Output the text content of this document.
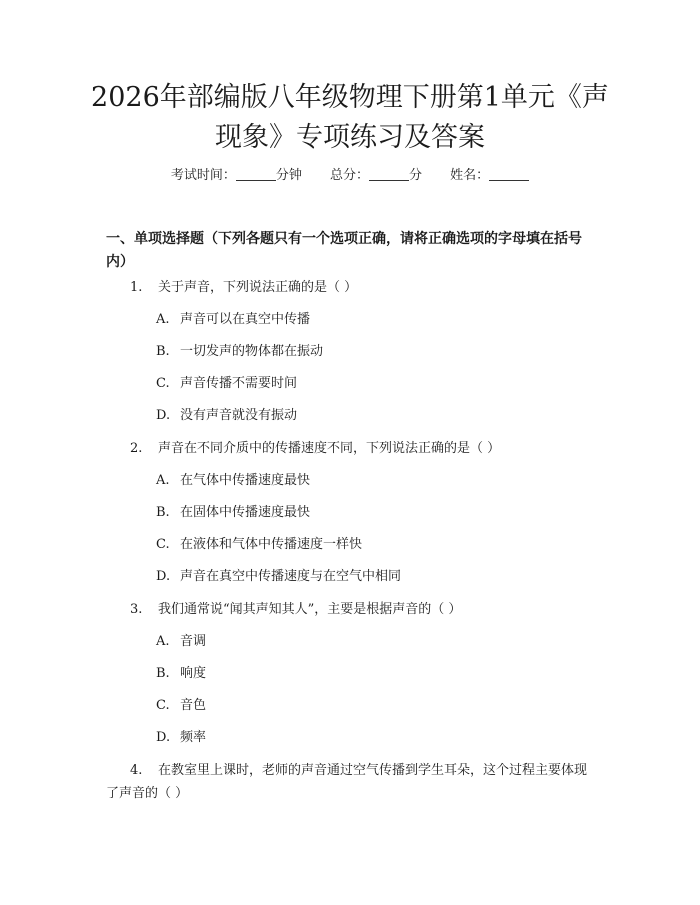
2026年部编版八年级物理下册第1单元《声现象》专项练习及答案
考试时间：	分钟 总分：	分 姓名：
一、单项选择题（下列各题只有一个选项正确，请将正确选项的字母填在括号内）
1. 关于声音，下列说法正确的是（ ）
A. 声音可以在真空中传播
B. 一切发声的物体都在振动
C. 声音传播不需要时间
D. 没有声音就没有振动
2. 声音在不同介质中的传播速度不同，下列说法正确的是（ ）
A. 在气体中传播速度最快
B. 在固体中传播速度最快
C. 在液体和气体中传播速度一样快
D. 声音在真空中传播速度与在空气中相同
3. 我们通常说“闻其声知其人”，主要是根据声音的（ ）
A. 音调
B. 响度
C. 音色
D. 频率
4.	在教室里上课时，老师的声音通过空气传播到学生耳朵，这个过程主要体现了声音的（ ）
